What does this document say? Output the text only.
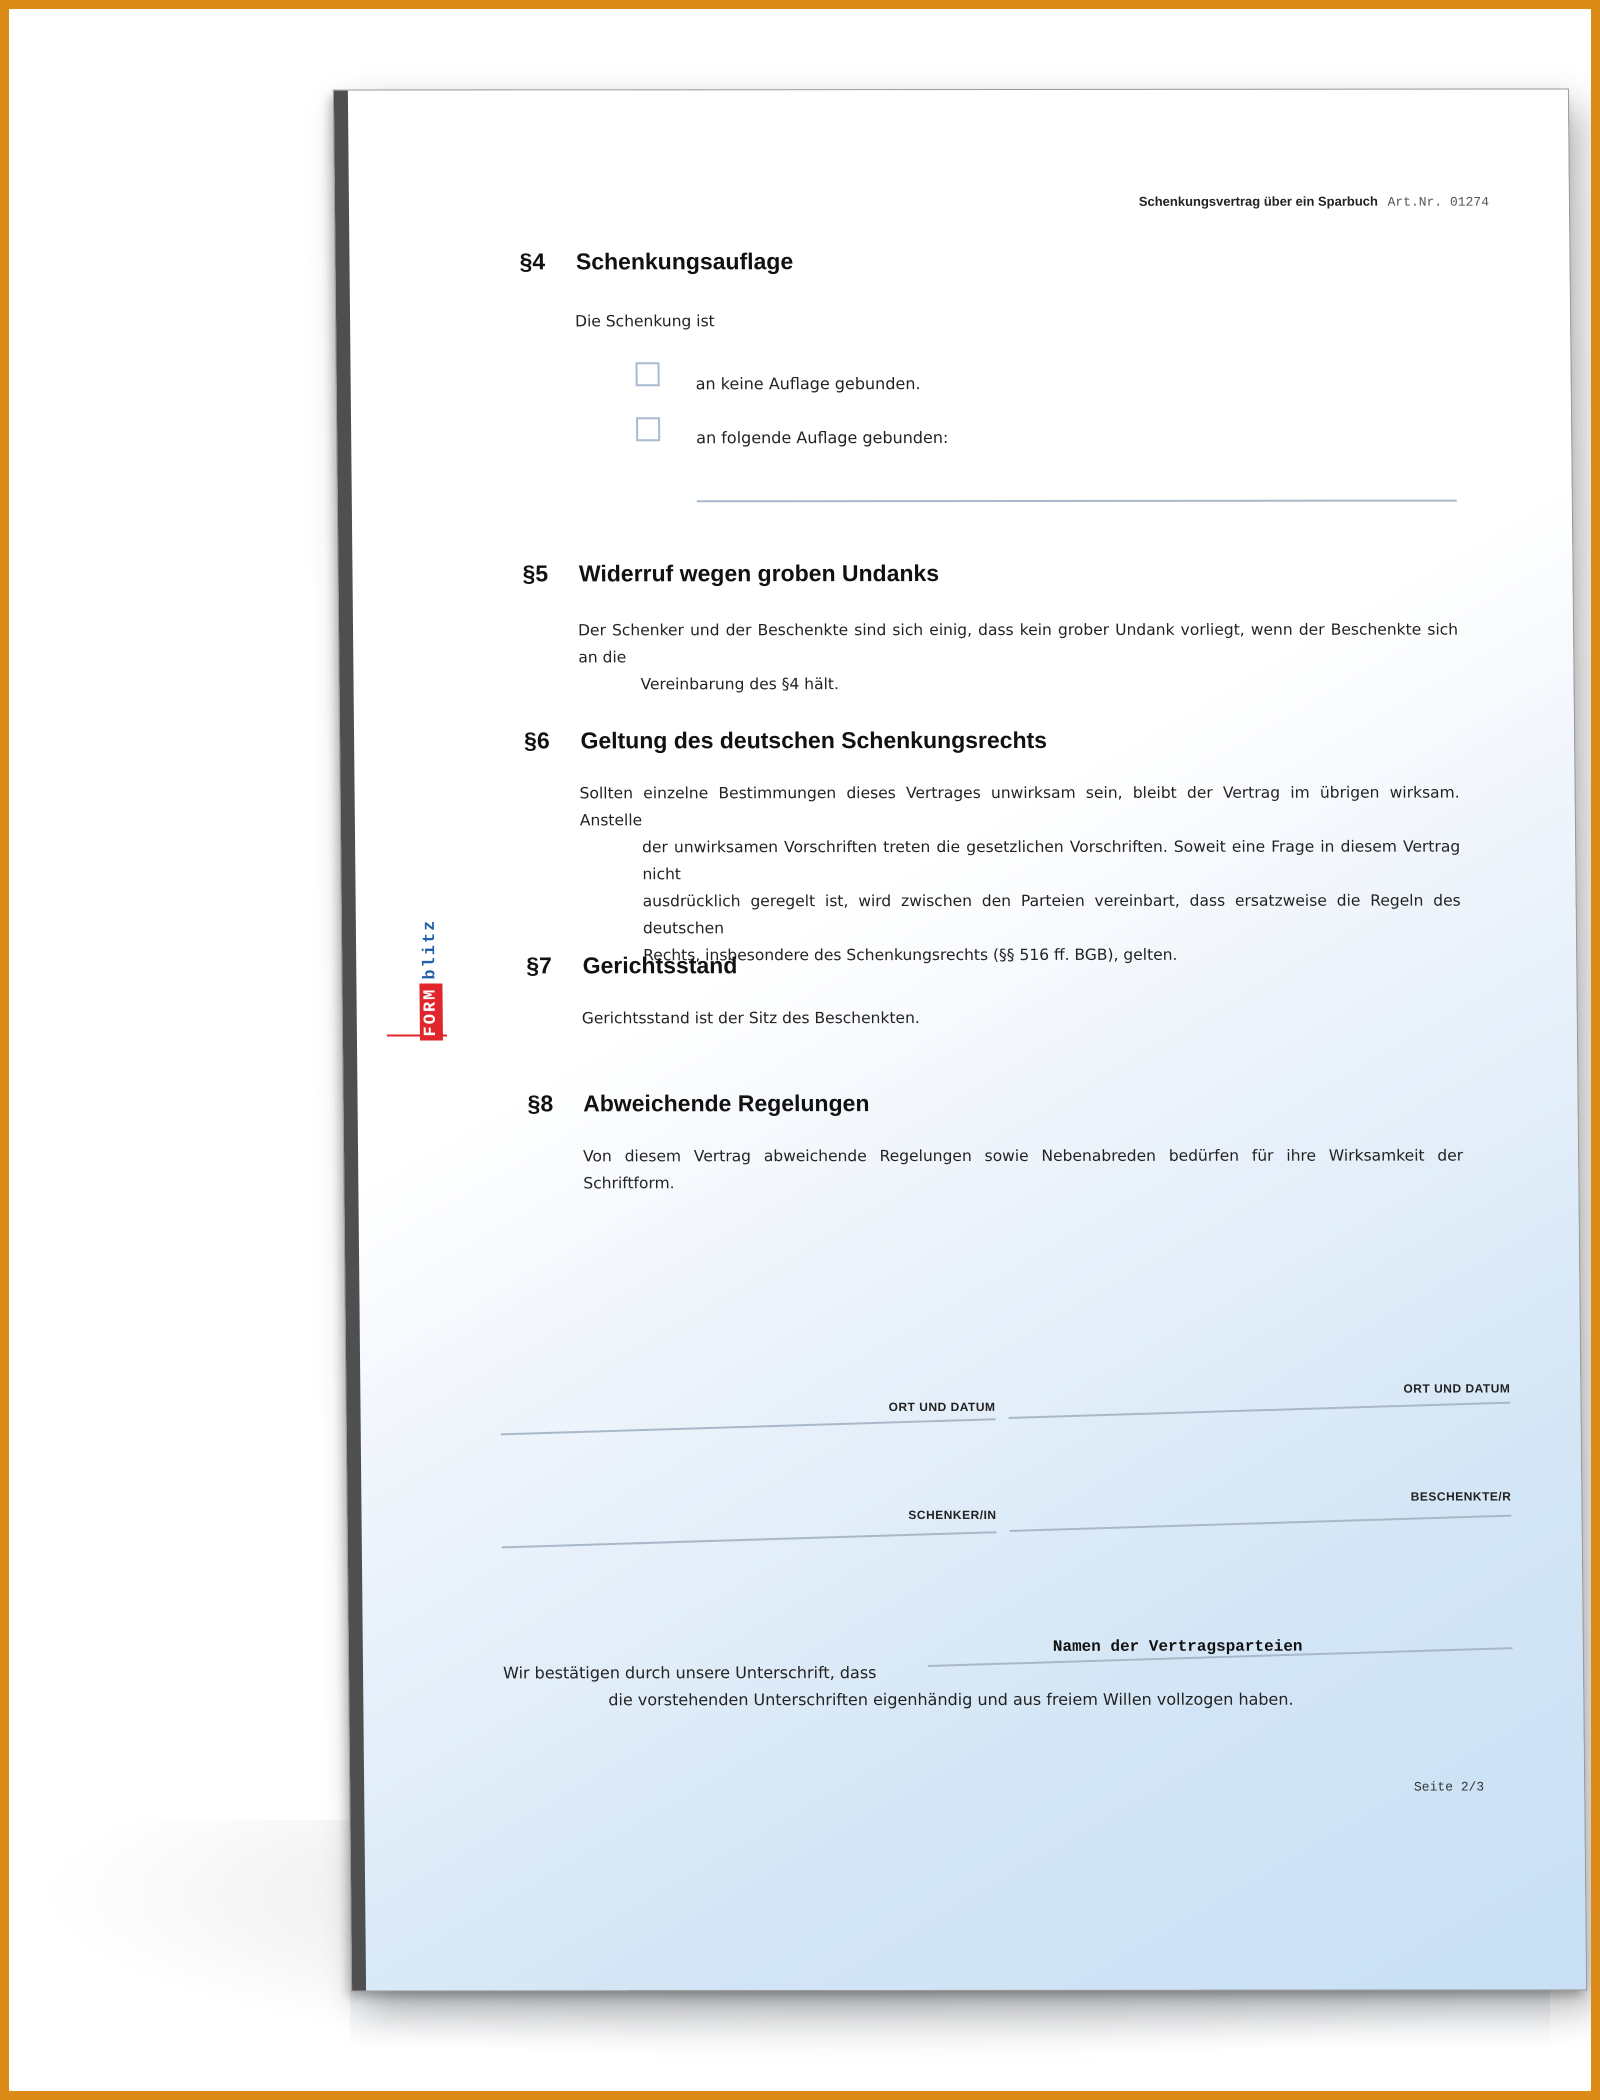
Schenkungsvertrag über ein Sparbuch Art.Nr. 01274
§4 Schenkungsauflage
Die Schenkung ist
an keine Auflage gebunden.
an folgende Auflage gebunden:
§5 Widerruf wegen groben Undanks
Der Schenker und der Beschenkte sind sich einig, dass kein grober Undank vorliegt, wenn der Beschenkte sich an die
Vereinbarung des §4 hält.
§6 Geltung des deutschen Schenkungsrechts
Sollten einzelne Bestimmungen dieses Vertrages unwirksam sein, bleibt der Vertrag im übrigen wirksam. Anstelle
der unwirksamen Vorschriften treten die gesetzlichen Vorschriften. Soweit eine Frage in diesem Vertrag nicht
ausdrücklich geregelt ist, wird zwischen den Parteien vereinbart, dass ersatzweise die Regeln des deutschen
Rechts, insbesondere des Schenkungsrechts (§§ 516 ff. BGB), gelten.
§7 Gerichtsstand
Gerichtsstand ist der Sitz des Beschenkten.
§8 Abweichende Regelungen
Von diesem Vertrag abweichende Regelungen sowie Nebenabreden bedürfen für ihre Wirksamkeit der Schriftform.
FORM
blitz
ORT UND DATUM
ORT UND DATUM
SCHENKER/IN
BESCHENKTE/R
Wir bestätigen durch unsere Unterschrift, dass
Namen der Vertragsparteien
die vorstehenden Unterschriften eigenhändig und aus freiem Willen vollzogen haben.
Seite 2/3
